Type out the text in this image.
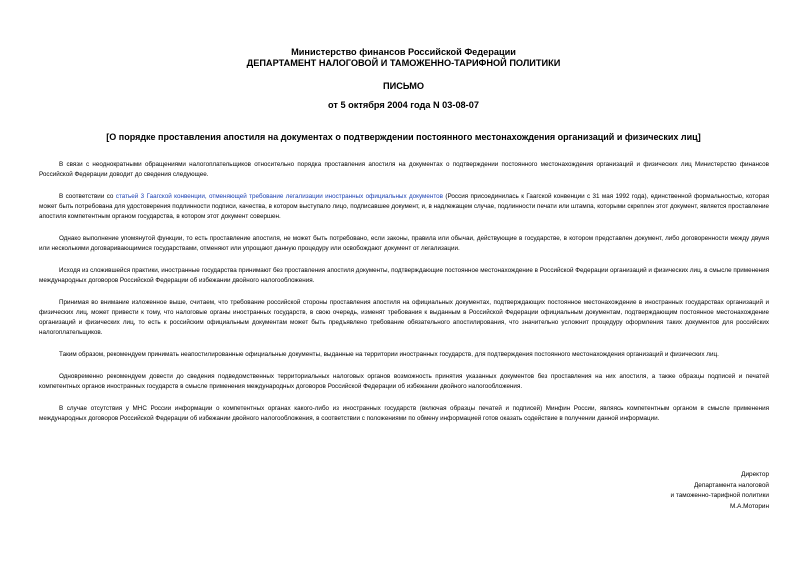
Министерство финансов Российской Федерации
ДЕПАРТАМЕНТ НАЛОГОВОЙ И ТАМОЖЕННО-ТАРИФНОЙ ПОЛИТИКИ
ПИСЬМО
от 5 октября 2004 года N 03-08-07
[О порядке проставления апостиля на документах о подтверждении постоянного местонахождения организаций и физических лиц]

В связи с неоднократными обращениями налогоплательщиков относительно порядка проставления апостиля на документах о подтверждении постоянного местонахождения организаций и физических лиц Министерство финансов Российской Федерации доводит до сведения следующее.

В соответствии со статьей 3 Гаагской конвенции, отменяющей требование легализации иностранных официальных документов (Россия присоединилась к Гаагской конвенции с 31 мая 1992 года), единственной формальностью, которая может быть потребована для удостоверения подлинности подписи, качества, в котором выступало лицо, подписавшее документ, и, в надлежащем случае, подлинности печати или штампа, которыми скреплен этот документ, является проставление апостиля компетентным органом государства, в котором этот документ совершен.

Однако выполнение упомянутой функции, то есть проставление апостиля, не может быть потребовано, если законы, правила или обычаи, действующие в государстве, в котором представлен документ, либо договоренности между двумя или несколькими договаривающимися государствами, отменяют или упрощают данную процедуру или освобождают документ от легализации.

Исходя из сложившейся практики, иностранные государства принимают без проставления апостиля документы, подтверждающие постоянное местонахождение в Российской Федерации организаций и физических лиц, в смысле применения международных договоров Российской Федерации об избежании двойного налогообложения.

Принимая во внимание изложенное выше, считаем, что требование российской стороны проставления апостиля на официальных документах, подтверждающих постоянное местонахождение в иностранных государствах организаций и физических лиц, может привести к тому, что налоговые органы иностранных государств, в свою очередь, изменят требования к выданным в Российской Федерации официальным документам, подтверждающим постоянное местонахождение организаций и физических лиц, то есть к российским официальным документам может быть предъявлено требование обязательного апостилирования, что значительно усложнит процедуру оформления таких документов для российских налогоплательщиков.

Таким образом, рекомендуем принимать неапостилированные официальные документы, выданные на территории иностранных государств, для подтверждения постоянного местонахождения организаций и физических лиц.

Одновременно рекомендуем довести до сведения подведомственных территориальных налоговых органов возможность принятия указанных документов без проставления на них апостиля, а также образцы подписей и печатей компетентных органов иностранных государств в смысле применения международных договоров Российской Федерации об избежании двойного налогообложения.

В случае отсутствия у МНС России информации о компетентных органах какого-либо из иностранных государств (включая образцы печатей и подписей) Минфин России, являясь компетентным органом в смысле применения международных договоров Российской Федерации об избежании двойного налогообложения, в соответствии с положениями по обмену информацией готов оказать содействие в получении данной информации.

Директор
Департамента налоговой
и таможенно-тарифной политики
М.А.Моторин
